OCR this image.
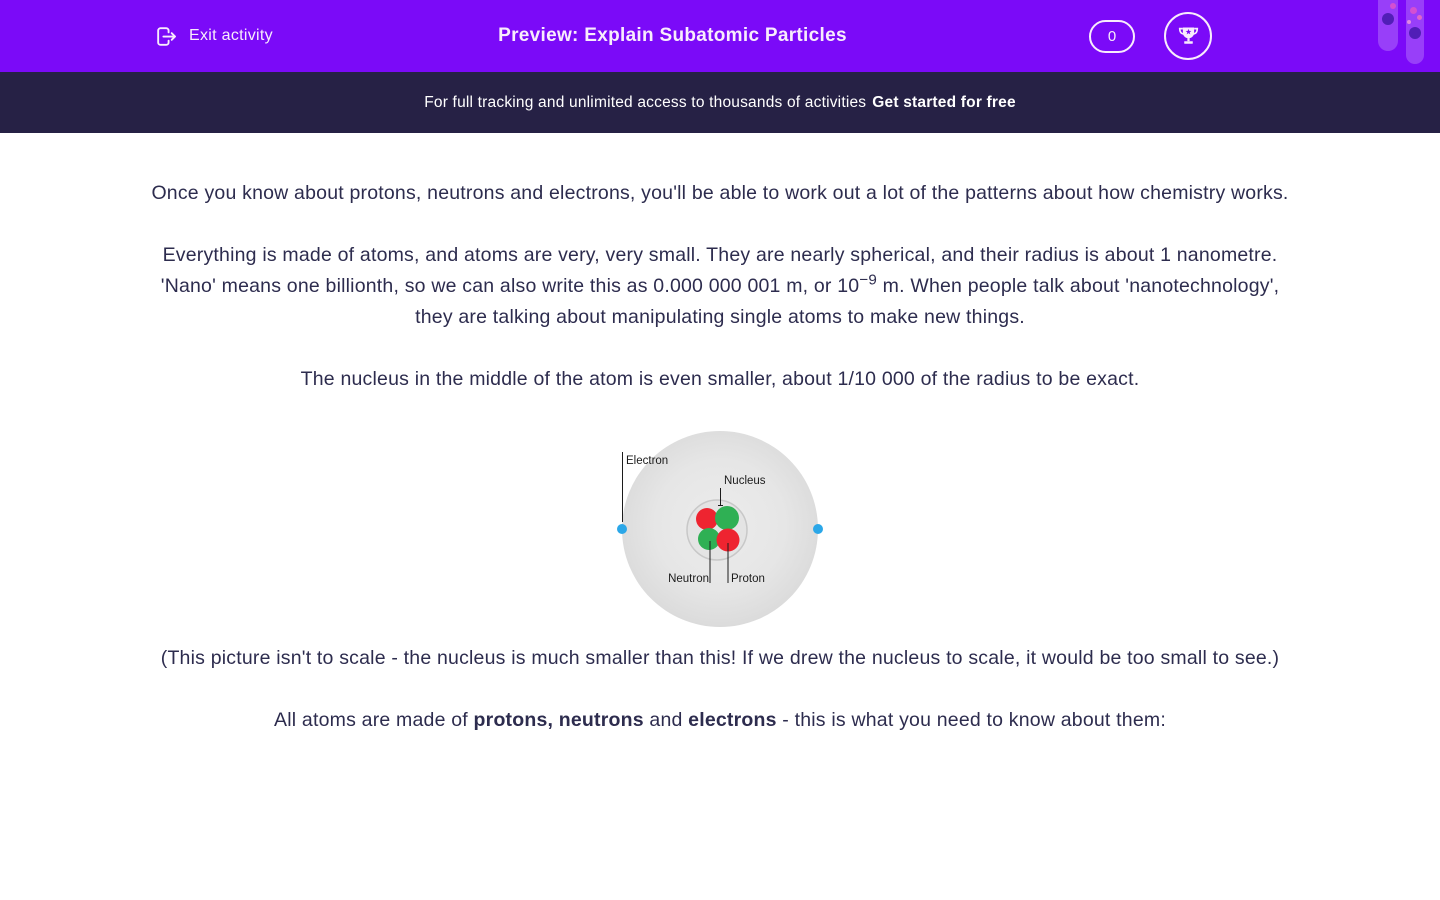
Exit activity	Preview: Explain Subatomic Particles	0
For full tracking and unlimited access to thousands of activities Get started for free

Once you know about protons, neutrons and electrons, you'll be able to work out a lot of the patterns about how chemistry works.

Everything is made of atoms, and atoms are very, very small. They are nearly spherical, and their radius is about 1 nanometre. 'Nano' means one billionth, so we can also write this as 0.000 000 001 m, or $10^{-9}$ m. When people talk about 'nanotechnology', they are talking about manipulating single atoms to make new things.

The nucleus in the middle of the atom is even smaller, about 1/10 000 of the radius to be exact.

Electron
Nucleus
Neutron Proton

(This picture isn't to scale - the nucleus is much smaller than this! If we drew the nucleus to scale, it would be too small to see.)

All atoms are made of protons, neutrons and electrons - this is what you need to know about them:
